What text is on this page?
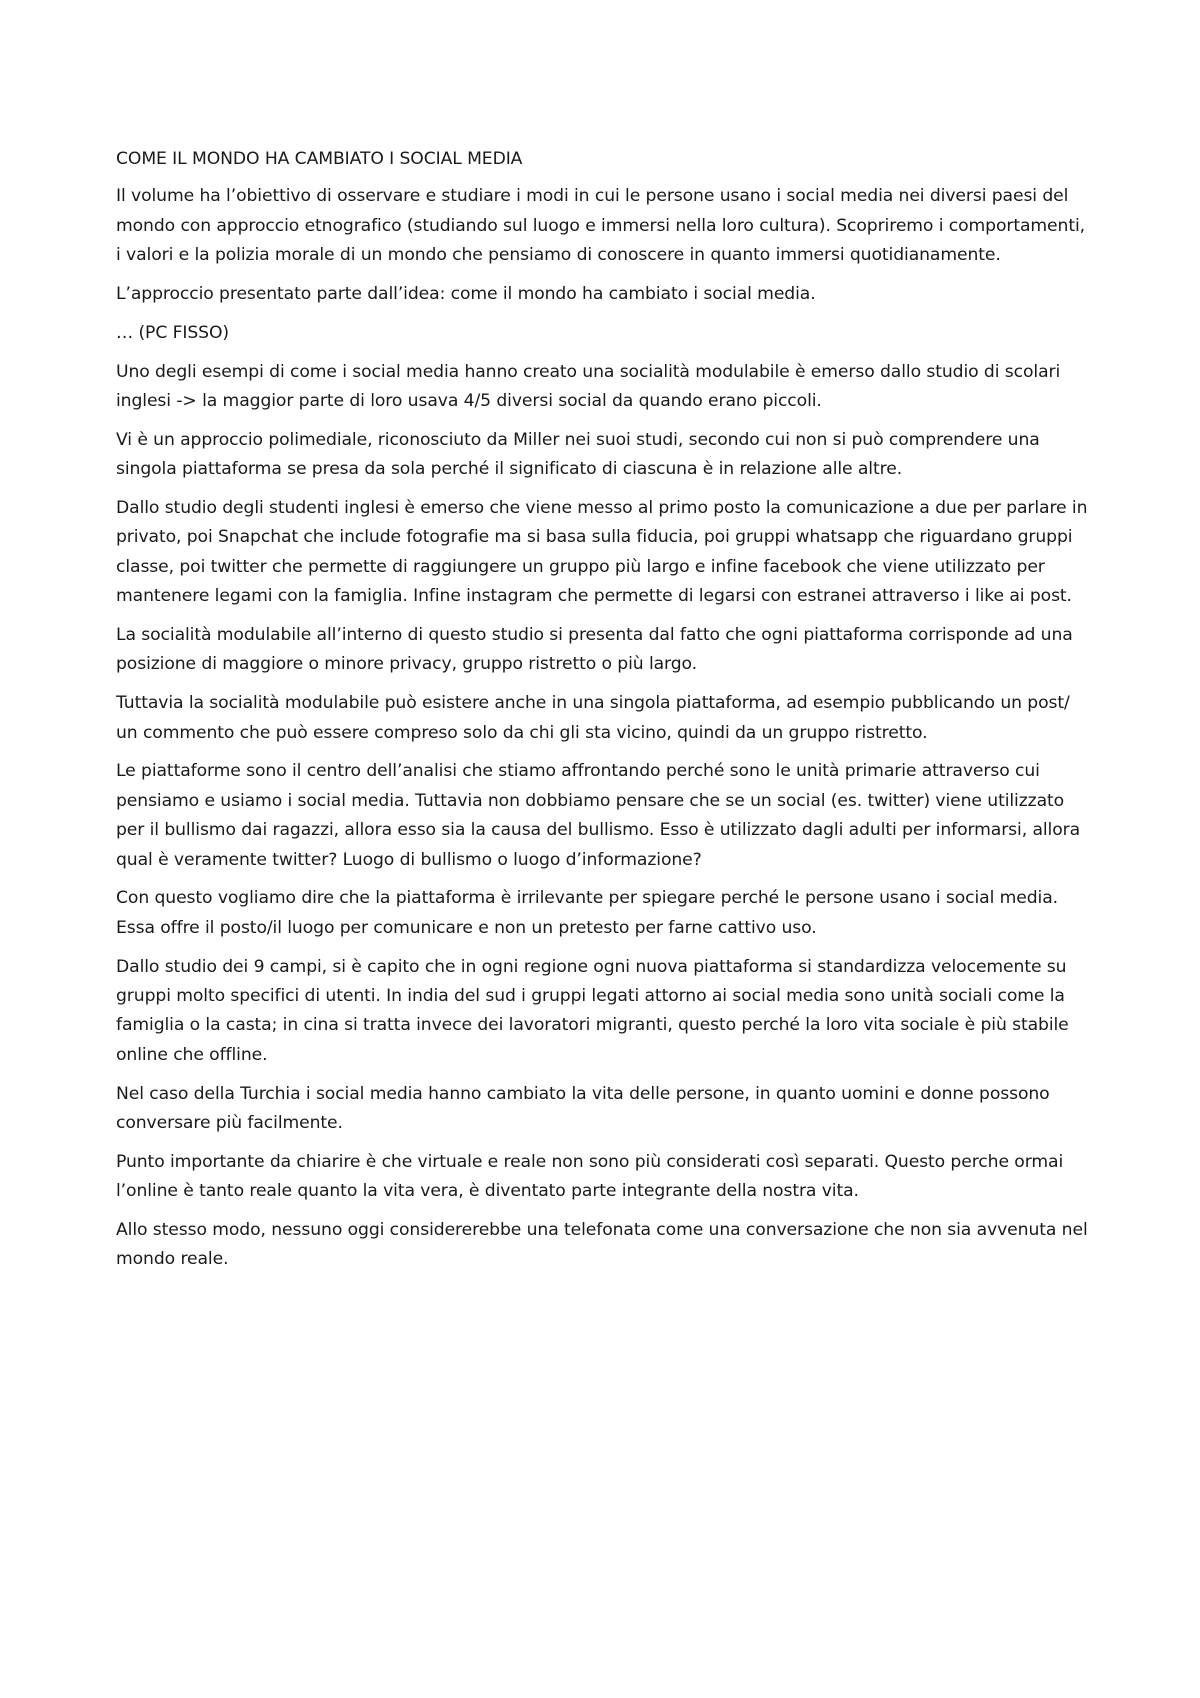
COME IL MONDO HA CAMBIATO I SOCIAL MEDIA

Il volume ha l’obiettivo di osservare e studiare i modi in cui le persone usano i social media nei diversi paesi del mondo con approccio etnografico (studiando sul luogo e immersi nella loro cultura). Scopriremo i comportamenti, i valori e la polizia morale di un mondo che pensiamo di conoscere in quanto immersi quotidianamente.

L’approccio presentato parte dall’idea: come il mondo ha cambiato i social media.

… (PC FISSO)

Uno degli esempi di come i social media hanno creato una socialità modulabile è emerso dallo studio di scolari inglesi -> la maggior parte di loro usava 4/5 diversi social da quando erano piccoli.

Vi è un approccio polimediale, riconosciuto da Miller nei suoi studi, secondo cui non si può comprendere una singola piattaforma se presa da sola perché il significato di ciascuna è in relazione alle altre.

Dallo studio degli studenti inglesi è emerso che viene messo al primo posto la comunicazione a due per parlare in privato, poi Snapchat che include fotografie ma si basa sulla fiducia, poi gruppi whatsapp che riguardano gruppi classe, poi twitter che permette di raggiungere un gruppo più largo e infine facebook che viene utilizzato per mantenere legami con la famiglia. Infine instagram che permette di legarsi con estranei attraverso i like ai post.

La socialità modulabile all’interno di questo studio si presenta dal fatto che ogni piattaforma corrisponde ad una posizione di maggiore o minore privacy, gruppo ristretto o più largo.

Tuttavia la socialità modulabile può esistere anche in una singola piattaforma, ad esempio pubblicando un post/ un commento che può essere compreso solo da chi gli sta vicino, quindi da un gruppo ristretto.

Le piattaforme sono il centro dell’analisi che stiamo affrontando perché sono le unità primarie attraverso cui pensiamo e usiamo i social media. Tuttavia non dobbiamo pensare che se un social (es. twitter) viene utilizzato per il bullismo dai ragazzi, allora esso sia la causa del bullismo. Esso è utilizzato dagli adulti per informarsi, allora qual è veramente twitter? Luogo di bullismo o luogo d’informazione?

Con questo vogliamo dire che la piattaforma è irrilevante per spiegare perché le persone usano i social media. Essa offre il posto/il luogo per comunicare e non un pretesto per farne cattivo uso.

Dallo studio dei 9 campi, si è capito che in ogni regione ogni nuova piattaforma si standardizza velocemente su gruppi molto specifici di utenti. In india del sud i gruppi legati attorno ai social media sono unità sociali come la famiglia o la casta; in cina si tratta invece dei lavoratori migranti, questo perché la loro vita sociale è più stabile online che offline.

Nel caso della Turchia i social media hanno cambiato la vita delle persone, in quanto uomini e donne possono conversare più facilmente.

Punto importante da chiarire è che virtuale e reale non sono più considerati così separati. Questo perche ormai l’online è tanto reale quanto la vita vera, è diventato parte integrante della nostra vita.

Allo stesso modo, nessuno oggi considererebbe una telefonata come una conversazione che non sia avvenuta nel mondo reale.
